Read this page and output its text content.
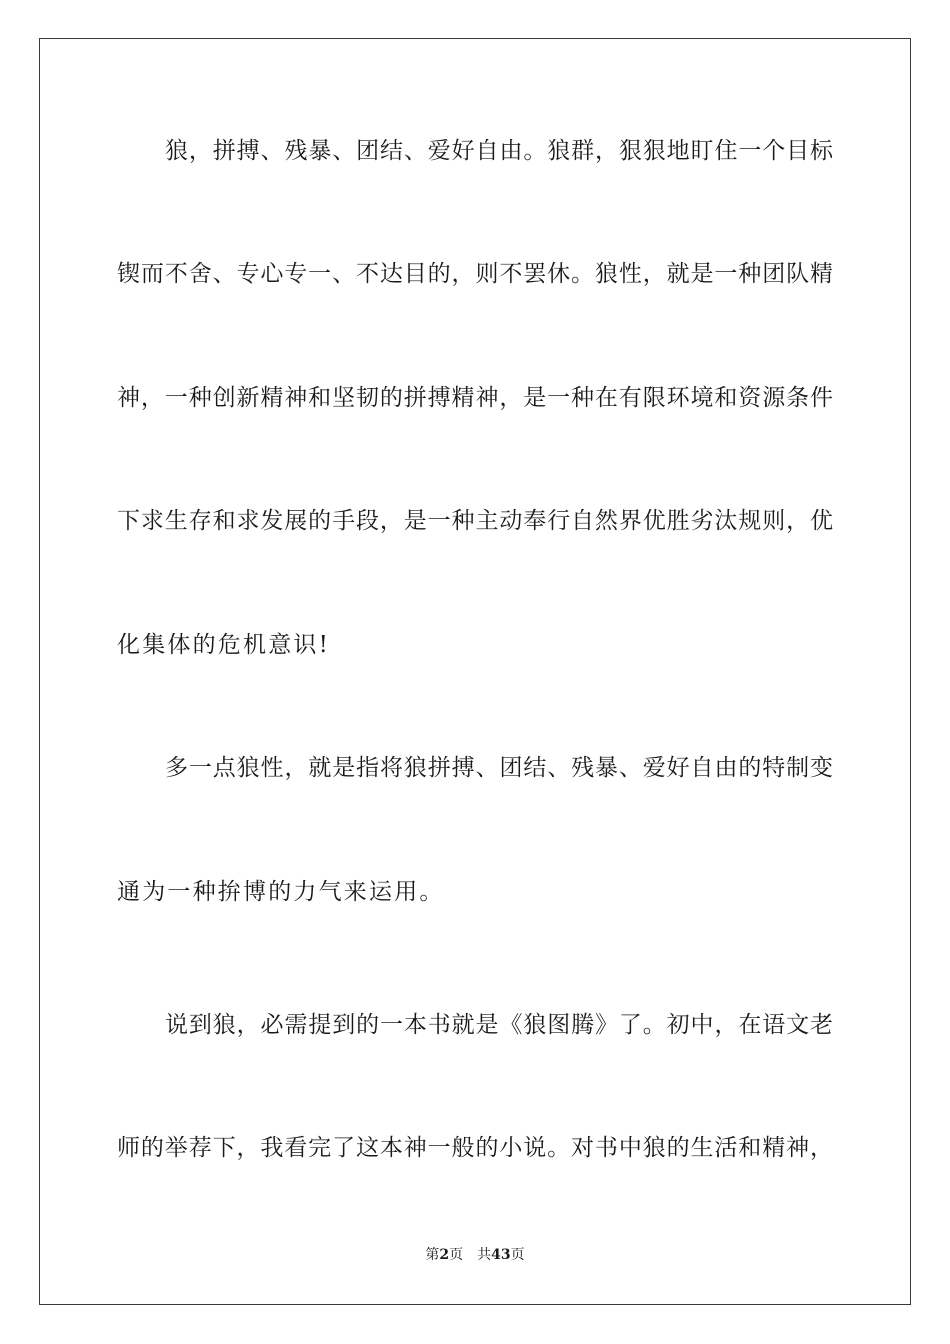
狼，拼搏、残暴、团结、爱好自由。狼群，狠狠地盯住一个目标
锲而不舍、专心专一、不达目的，则不罢休。狼性，就是一种团队精
神，一种创新精神和坚韧的拼搏精神，是一种在有限环境和资源条件
下求生存和求发展的手段，是一种主动奉行自然界优胜劣汰规则，优
化集体的危机意识!
多一点狼性，就是指将狼拼搏、团结、残暴、爱好自由的特制变
通为一种拚博的力气来运用。
说到狼，必需提到的一本书就是《狼图腾》了。初中，在语文老
师的举荐下，我看完了这本神一般的小说。对书中狼的生活和精神，
第2页 共43页
